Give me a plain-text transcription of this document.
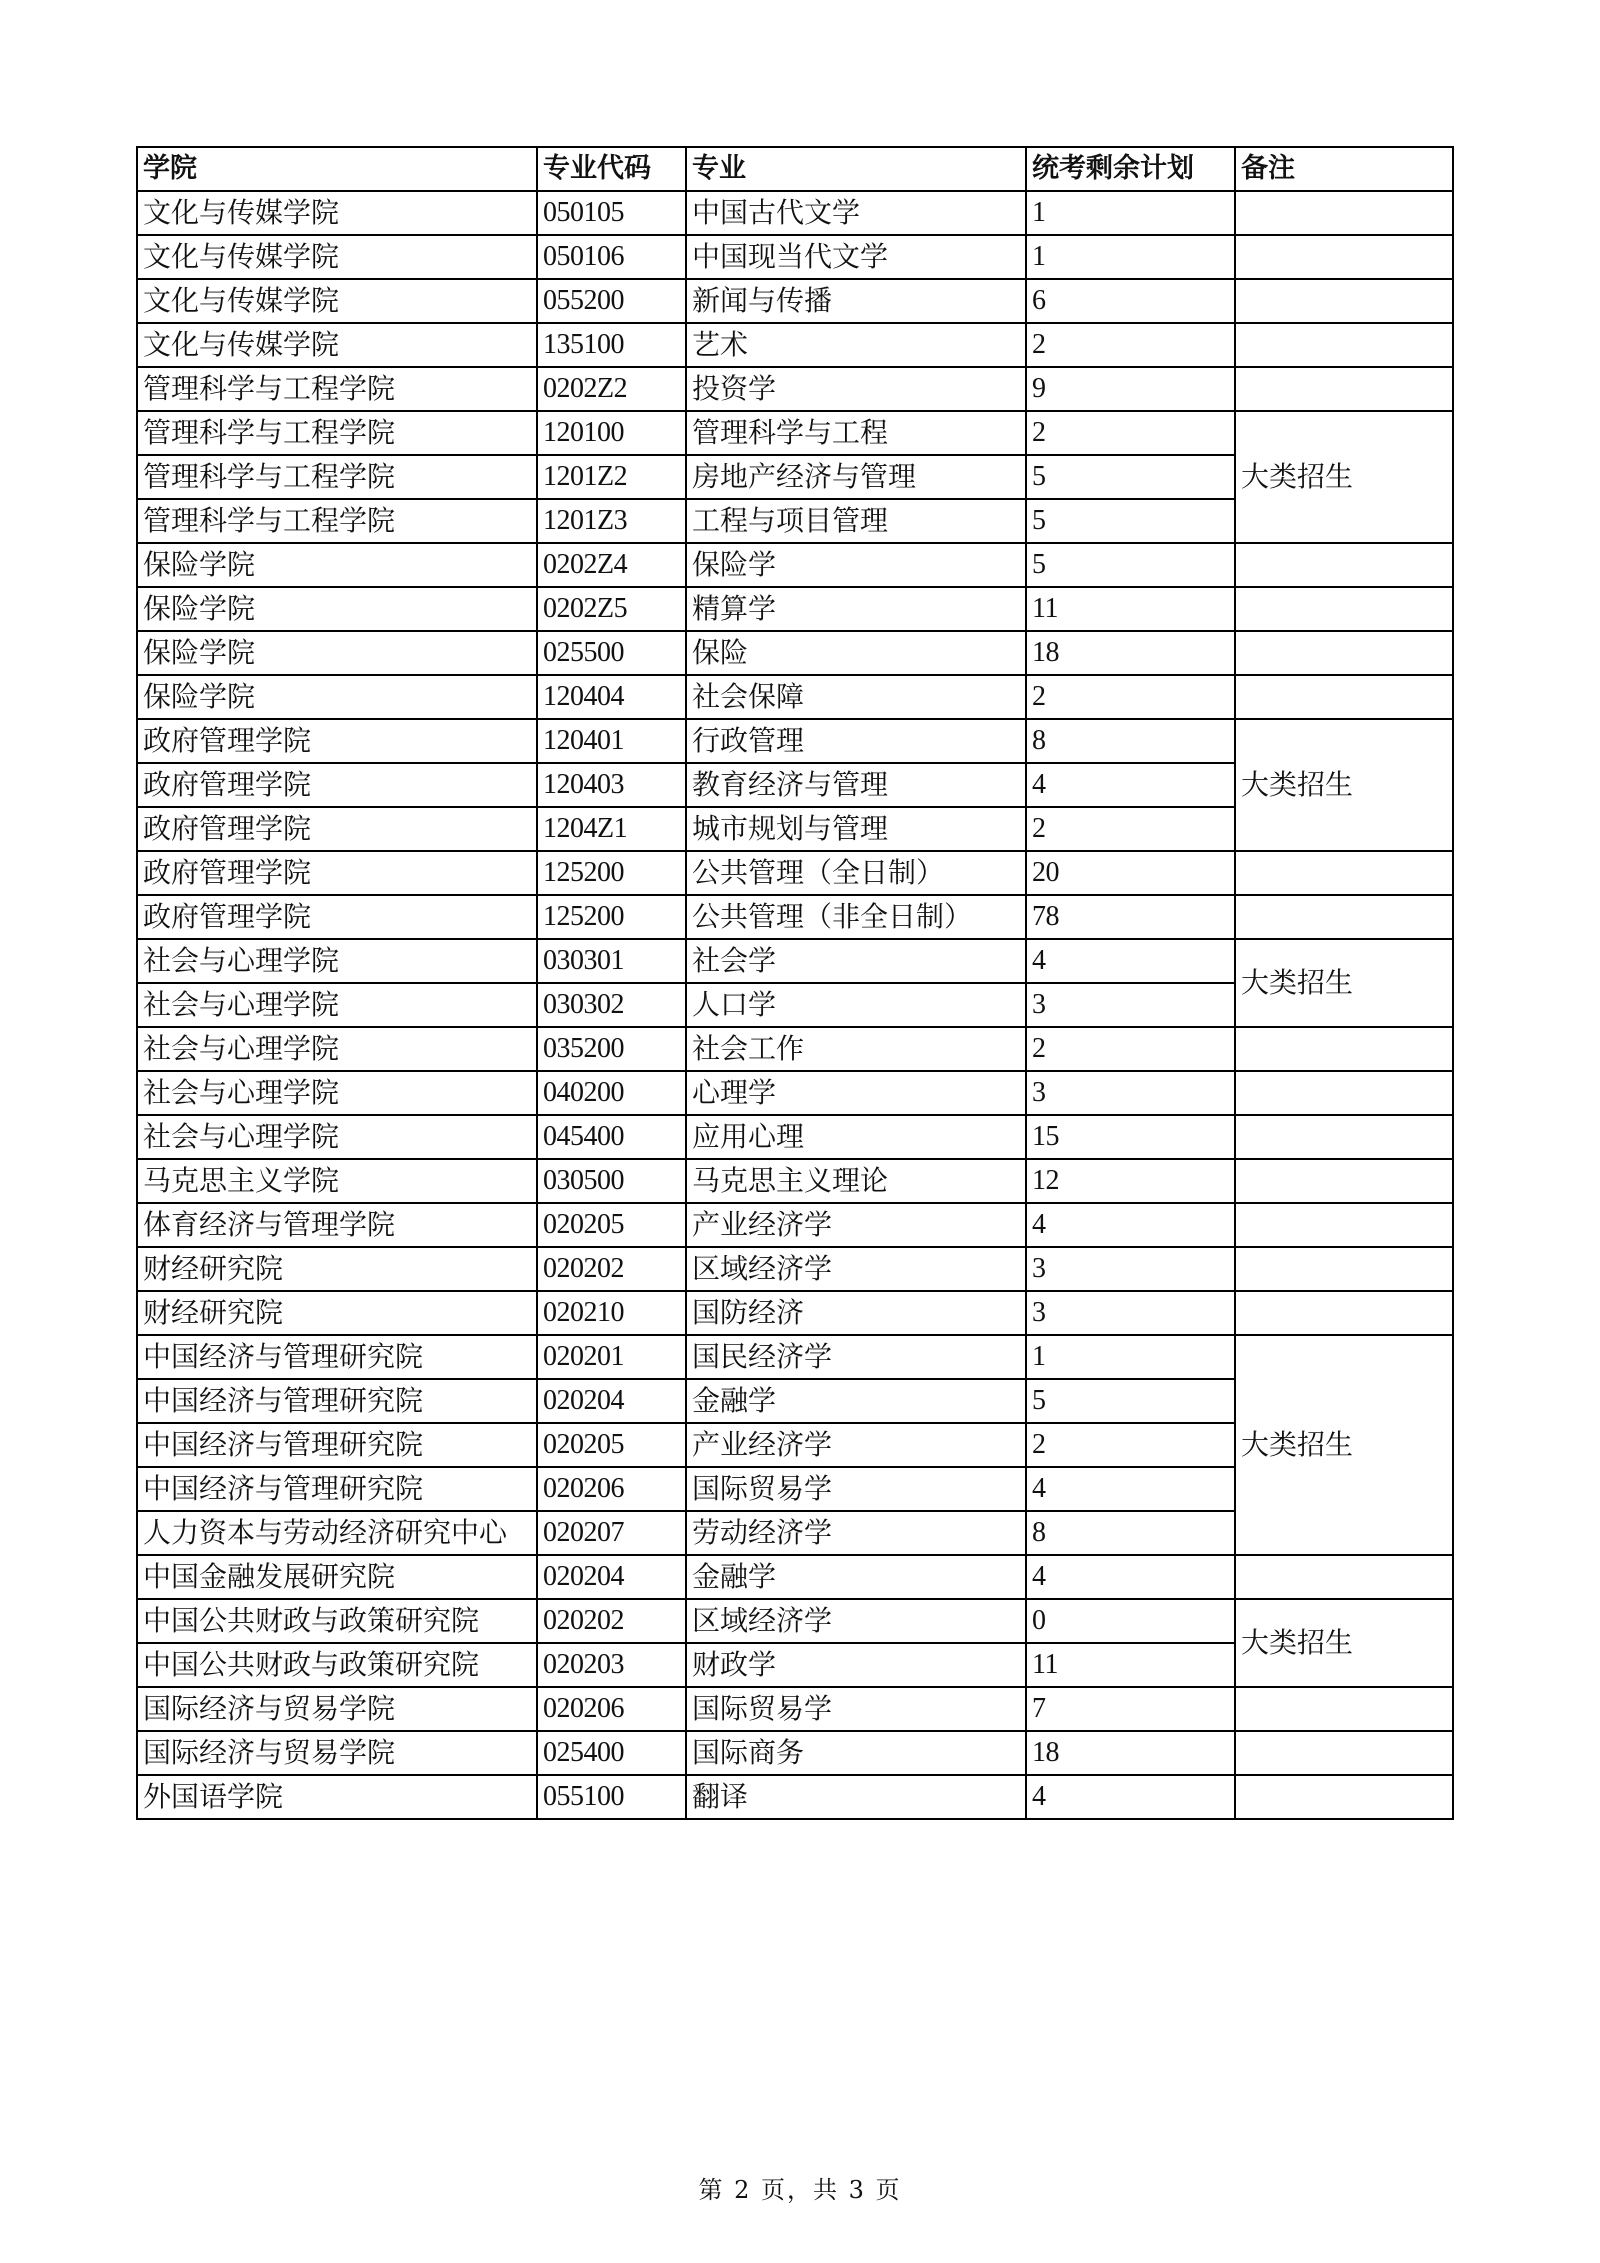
学院	专业代码	专业	统考剩余计划	备注
文化与传媒学院	050105	中国古代文学	1	
文化与传媒学院	050106	中国现当代文学	1	
文化与传媒学院	055200	新闻与传播	6	
文化与传媒学院	135100	艺术	2	
管理科学与工程学院	0202Z2	投资学	9	
管理科学与工程学院	120100	管理科学与工程	2	大类招生
管理科学与工程学院	1201Z2	房地产经济与管理	5	
管理科学与工程学院	1201Z3	工程与项目管理	5	
保险学院	0202Z4	保险学	5	
保险学院	0202Z5	精算学	11	
保险学院	025500	保险	18	
保险学院	120404	社会保障	2	
政府管理学院	120401	行政管理	8	大类招生
政府管理学院	120403	教育经济与管理	4	
政府管理学院	1204Z1	城市规划与管理	2	
政府管理学院	125200	公共管理（全日制）	20	
政府管理学院	125200	公共管理（非全日制）	78	
社会与心理学院	030301	社会学	4	大类招生
社会与心理学院	030302	人口学	3	
社会与心理学院	035200	社会工作	2	
社会与心理学院	040200	心理学	3	
社会与心理学院	045400	应用心理	15	
马克思主义学院	030500	马克思主义理论	12	
体育经济与管理学院	020205	产业经济学	4	
财经研究院	020202	区域经济学	3	
财经研究院	020210	国防经济	3	
中国经济与管理研究院	020201	国民经济学	1	大类招生
中国经济与管理研究院	020204	金融学	5	
中国经济与管理研究院	020205	产业经济学	2	
中国经济与管理研究院	020206	国际贸易学	4	
人力资本与劳动经济研究中心	020207	劳动经济学	8	
中国金融发展研究院	020204	金融学	4	
中国公共财政与政策研究院	020202	区域经济学	0	大类招生
中国公共财政与政策研究院	020203	财政学	11	
国际经济与贸易学院	020206	国际贸易学	7	
国际经济与贸易学院	025400	国际商务	18	
外国语学院	055100	翻译	4	
第 2 页，共 3 页
